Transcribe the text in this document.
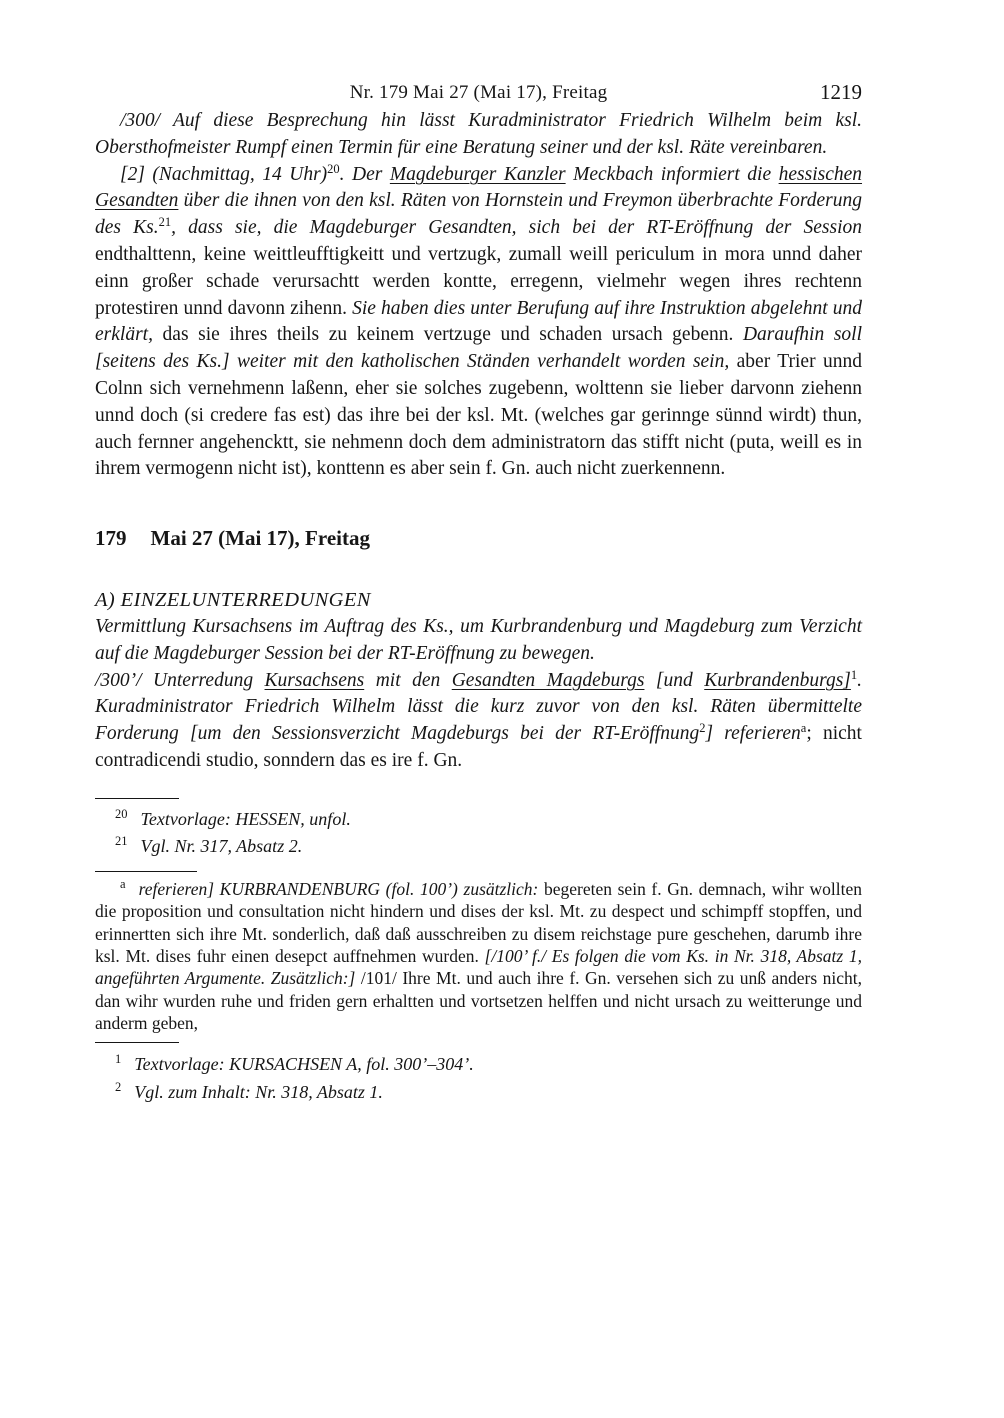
Nr. 179 Mai 27 (Mai 17), Freitag	1219

/300/ Auf diese Besprechung hin lässt Kuradministrator Friedrich Wilhelm beim ksl. Obersthofmeister Rumpf einen Termin für eine Beratung seiner und der ksl. Räte vereinbaren.

[2] (Nachmittag, 14 Uhr)$^{20}$. Der Magdeburger Kanzler Meckbach informiert die hessischen Gesandten über die ihnen von den ksl. Räten von Hornstein und Freymon überbrachte Forderung des Ks.$^{21}$, dass sie, die Magdeburger Gesandten, sich bei der RT-Eröffnung der Session endthalttenn, keine weittleufftigkeitt und vertzugk, zumall weill periculum in mora unnd daher einn großer schade verursachtt werden kontte, erregenn, vielmehr wegen ihres rechtenn protestiren unnd davonn zihenn. Sie haben dies unter Berufung auf ihre Instruktion abgelehnt und erklärt, das sie ihres theils zu keinem vertzuge und schaden ursach gebenn. Daraufhin soll [seitens des Ks.] weiter mit den katholischen Ständen verhandelt worden sein, aber Trier unnd Colnn sich vernehmenn laßenn, eher sie solches zugebenn, wolttenn sie lieber darvonn ziehenn unnd doch (si credere fas est) das ihre bei der ksl. Mt. (welches gar gerinnge sünnd wirdt) thun, auch fernner angehencktt, sie nehmenn doch dem administratorn das stifft nicht (puta, weill es in ihrem vermogenn nicht ist), konttenn es aber sein f. Gn. auch nicht zuerkennenn.

179 Mai 27 (Mai 17), Freitag
A) EINZELUNTERREDUNGEN

Vermittlung Kursachsens im Auftrag des Ks., um Kurbrandenburg und Magdeburg zum Verzicht auf die Magdeburger Session bei der RT-Eröffnung zu bewegen.

/300’/ Unterredung Kursachsens mit den Gesandten Magdeburgs [und Kurbrandenburgs]$^1$. Kuradministrator Friedrich Wilhelm lässt die kurz zuvor von den ksl. Räten übermittelte Forderung [um den Sessionsverzicht Magdeburgs bei der RT-Eröffnung$^2$] referieren$^a$; nicht contradicendi studio, sonndern das es ire f. Gn.

$^{20}$ Textvorlage: HESSEN, unfol.
$^{21}$ Vgl. Nr. 317, Absatz 2.
$^a$ referieren] KURBRANDENBURG (fol. 100’) zusätzlich: begereten sein f. Gn. demnach, wihr wollten die proposition und consultation nicht hindern und dises der ksl. Mt. zu despect und schimpff stopffen, und erinnertten sich ihre Mt. sonderlich, daß daß ausschreiben zu disem reichstage pure geschehen, darumb ihre ksl. Mt. dises fuhr einen desepct auffnehmen wurden. [/100’ f./ Es folgen die vom Ks. in Nr. 318, Absatz 1, angeführten Argumente. Zusätzlich:] /101/ Ihre Mt. und auch ihre f. Gn. versehen sich zu unß anders nicht, dan wihr wurden ruhe und friden gern erhaltten und vortsetzen helffen und nicht ursach zu weitterunge und anderm geben,
$^1$ Textvorlage: KURSACHSEN A, fol. 300’–304’.
$^2$ Vgl. zum Inhalt: Nr. 318, Absatz 1.
